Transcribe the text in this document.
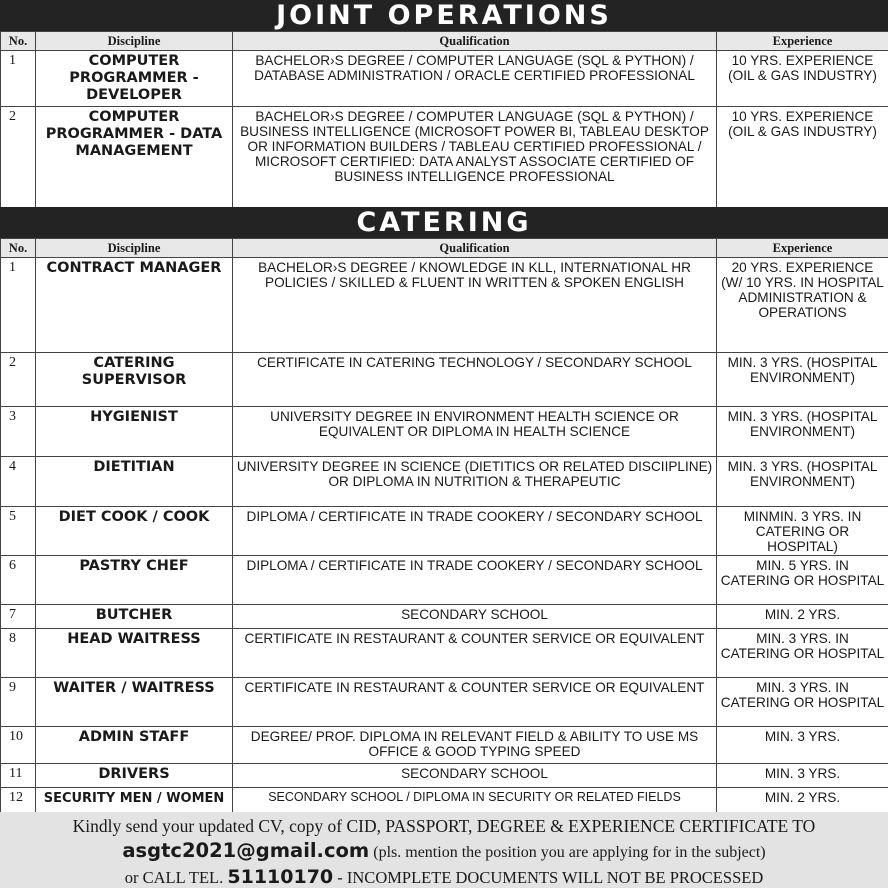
JOINT OPERATIONS
No.	Discipline	Qualification	Experience
1	COMPUTER PROGRAMMER - DEVELOPER	BACHELOR›S DEGREE / COMPUTER LANGUAGE (SQL & PYTHON) / DATABASE ADMINISTRATION / ORACLE CERTIFIED PROFESSIONAL	10 YRS. EXPERIENCE (OIL & GAS INDUSTRY)
2	COMPUTER PROGRAMMER - DATA MANAGEMENT	BACHELOR›S DEGREE / COMPUTER LANGUAGE (SQL & PYTHON) / BUSINESS INTELLIGENCE (MICROSOFT POWER BI, TABLEAU DESKTOP OR INFORMATION BUILDERS / TABLEAU CERTIFIED PROFESSIONAL / MICROSOFT CERTIFIED: DATA ANALYST ASSOCIATE CERTIFIED OF BUSINESS INTELLIGENCE PROFESSIONAL	10 YRS. EXPERIENCE (OIL & GAS INDUSTRY)
CATERING
No.	Discipline	Qualification	Experience
1	CONTRACT MANAGER	BACHELOR›S DEGREE / KNOWLEDGE IN KLL, INTERNATIONAL HR POLICIES / SKILLED & FLUENT IN WRITTEN & SPOKEN ENGLISH	20 YRS. EXPERIENCE (W/ 10 YRS. IN HOSPITAL ADMINISTRATION & OPERATIONS
2	CATERING SUPERVISOR	CERTIFICATE IN CATERING TECHNOLOGY / SECONDARY SCHOOL	MIN. 3 YRS. (HOSPITAL ENVIRONMENT)
3	HYGIENIST	UNIVERSITY DEGREE IN ENVIRONMENT HEALTH SCIENCE OR EQUIVALENT OR DIPLOMA IN HEALTH SCIENCE	MIN. 3 YRS. (HOSPITAL ENVIRONMENT)
4	DIETITIAN	UNIVERSITY DEGREE IN SCIENCE (DIETITICS OR RELATED DISCIIPLINE) OR DIPLOMA IN NUTRITION & THERAPEUTIC	MIN. 3 YRS. (HOSPITAL ENVIRONMENT)
5	DIET COOK / COOK	DIPLOMA / CERTIFICATE IN TRADE COOKERY / SECONDARY SCHOOL	MINMIN. 3 YRS. IN CATERING OR HOSPITAL)
6	PASTRY CHEF	DIPLOMA / CERTIFICATE IN TRADE COOKERY / SECONDARY SCHOOL	MIN. 5 YRS. IN CATERING OR HOSPITAL
7	BUTCHER	SECONDARY SCHOOL	MIN. 2 YRS.
8	HEAD WAITRESS	CERTIFICATE IN RESTAURANT & COUNTER SERVICE OR EQUIVALENT	MIN. 3 YRS. IN CATERING OR HOSPITAL
9	WAITER / WAITRESS	CERTIFICATE IN RESTAURANT & COUNTER SERVICE OR EQUIVALENT	MIN. 3 YRS. IN CATERING OR HOSPITAL
10	ADMIN STAFF	DEGREE/ PROF. DIPLOMA IN RELEVANT FIELD & ABILITY TO USE MS OFFICE & GOOD TYPING SPEED	MIN. 3 YRS.
11	DRIVERS	SECONDARY SCHOOL	MIN. 3 YRS.
12	SECURITY MEN / WOMEN	SECONDARY SCHOOL / DIPLOMA IN SECURITY OR RELATED FIELDS	MIN. 2 YRS.
Kindly send your updated CV, copy of CID, PASSPORT, DEGREE & EXPERIENCE CERTIFICATE TO
asgtc2021@gmail.com (pls. mention the position you are applying for in the subject)
or CALL TEL. 51110170 - INCOMPLETE DOCUMENTS WILL NOT BE PROCESSED
